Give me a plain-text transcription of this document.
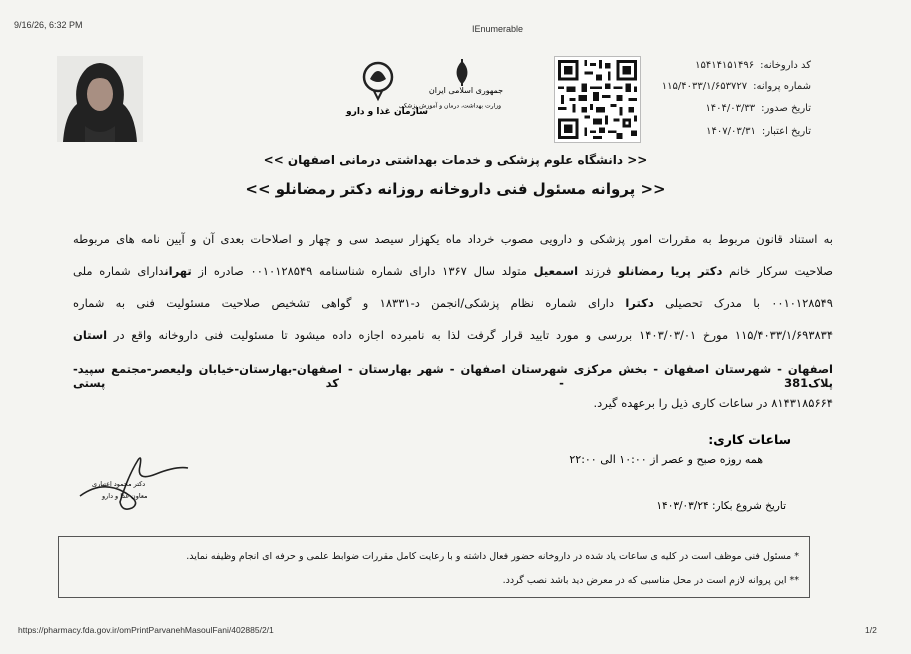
9/16/26, 6:32 PM	IEnumerable
کد داروخانه:۱۵۴۱۴۱۵۱۴۹۶
شماره پروانه:۱۱۵/۴۰۳۳/۱/۶۵۳۷۲۷
تاریخ صدور:۱۴۰۴/۰۳/۳۳
تاریخ اعتبار:۱۴۰۷/۰۳/۳۱
جمهوری اسلامی ایران
وزارت بهداشت، درمان و آموزش پزشکی
سازمان غذا و دارو
<< دانشگاه علوم پزشکی و خدمات بهداشتی درمانی اصفهان >>
<< پروانه مسئول فنی داروخانه روزانه دکتر رمضانلو >>
به استناد قانون مربوط به مقررات امور پزشکی و دارویی مصوب خرداد ماه یکهزار سیصد سی و چهار و اصلاحات بعدی آن و آیین نامه های مربوطه
صلاحیت سرکار خانم دکتر پریا رمضانلو فرزند اسمعیل متولد سال ۱۳۶۷ دارای شماره شناسنامه ۰۰۱۰۱۲۸۵۴۹ صادره از تهراندارای شماره ملی
۰۰۱۰۱۲۸۵۴۹ با مدرک تحصیلی دکترا دارای شماره نظام پزشکی/انجمن د-۱۸۳۳۱ و گواهی تشخیص صلاحیت مسئولیت فنی به شماره
۱۱۵/۴۰۳۳/۱/۶۹۳۸۳۴ مورخ ۱۴۰۳/۰۳/۰۱ بررسی و مورد تایید قرار گرفت لذا به نامبرده اجازه داده میشود تا مسئولیت فنی داروخانه واقع در استان
اصفهان - شهرستان اصفهان - بخش مرکزی شهرستان اصفهان - شهر بهارستان - اصفهان-بهارستان-خیابان ولیعصر-مجتمع سپید-پلاک381 - کد پستی
۸۱۴۳۱۸۵۶۶۴ در ساعات کاری ذیل را برعهده گیرد.
ساعات کاری:
همه روزه صبح و عصر از ۱۰:۰۰ الی ۲۲:۰۰
تاریخ شروع بکار: ۱۴۰۳/۰۳/۲۴
دکتر محمود اعتباری
معاون غذا و دارو
* مسئول فنی موظف است در کلیه ی ساعات یاد شده در داروخانه حضور فعال داشته و با رعایت کامل مقررات ضوابط علمی و حرفه ای انجام وظیفه نماید.
** این پروانه لازم است در محل مناسبی که در معرض دید باشد نصب گردد.
https://pharmacy.fda.gov.ir/omPrintParvanehMasoulFani/402885/2/1	1/2
